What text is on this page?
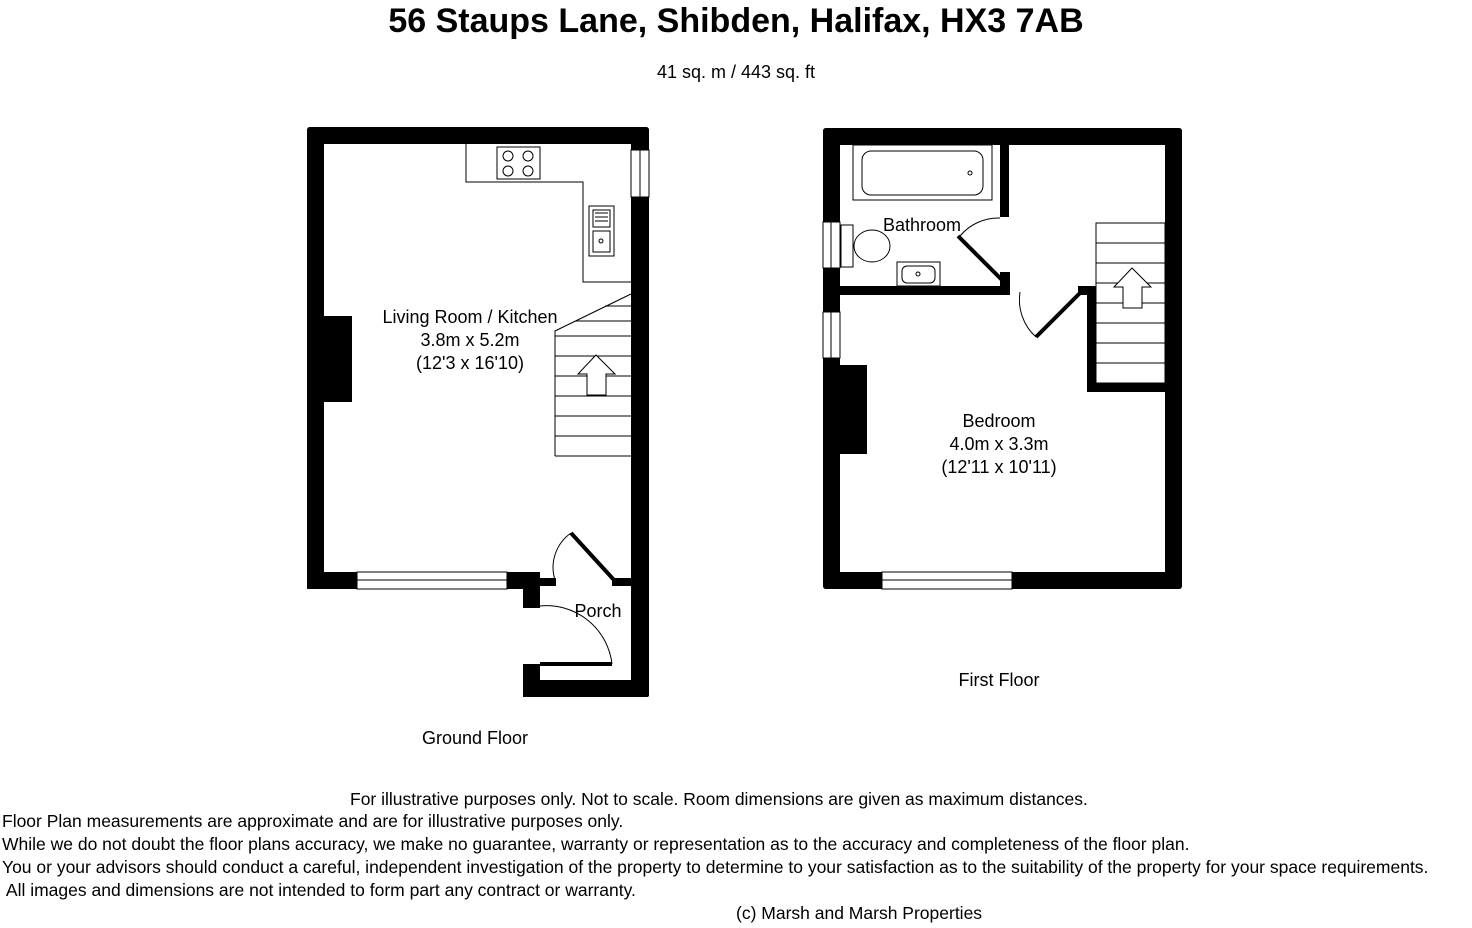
56 Staups Lane, Shibden, Halifax, HX3 7AB
41 sq. m / 443 sq. ft
Living Room / Kitchen
3.8m x 5.2m
(12'3 x 16'10)
Porch
Ground Floor
Bathroom
Bedroom
4.0m x 3.3m
(12'11 x 10'11)
First Floor
For illustrative purposes only. Not to scale. Room dimensions are given as maximum distances.
Floor Plan measurements are approximate and are for illustrative purposes only.
While we do not doubt the floor plans accuracy, we make no guarantee, warranty or representation as to the accuracy and completeness of the floor plan.
You or your advisors should conduct a careful, independent investigation of the property to determine to your satisfaction as to the suitability of the property for your space requirements.
All images and dimensions are not intended to form part any contract or warranty.
(c) Marsh and Marsh Properties
